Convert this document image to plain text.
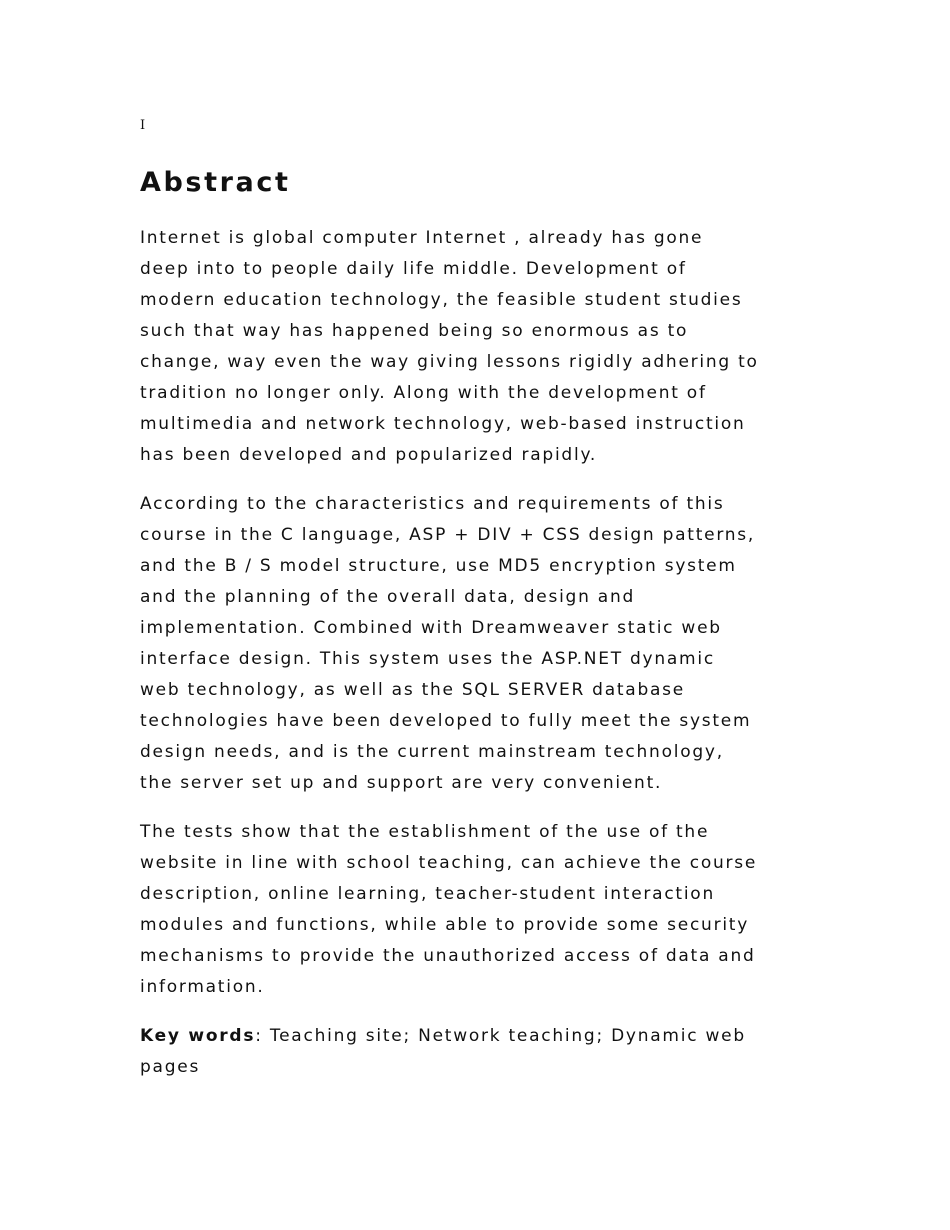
I
Abstract

Internet is global computer Internet , already has gone
deep into to people daily life middle. Development of
modern education technology, the feasible student studies
such that way has happened being so enormous as to
change, way even the way giving lessons rigidly adhering to
tradition no longer only. Along with the development of
multimedia and network technology, web-based instruction
has been developed and popularized rapidly.

According to the characteristics and requirements of this
course in the C language, ASP + DIV + CSS design patterns,
and the B / S model structure, use MD5 encryption system
and the planning of the overall data, design and
implementation. Combined with Dreamweaver static web
interface design. This system uses the ASP.NET dynamic
web technology, as well as the SQL SERVER database
technologies have been developed to fully meet the system
design needs, and is the current mainstream technology,
the server set up and support are very convenient.

The tests show that the establishment of the use of the
website in line with school teaching, can achieve the course
description, online learning, teacher-student interaction
modules and functions, while able to provide some security
mechanisms to provide the unauthorized access of data and
information.

Key words: Teaching site; Network teaching; Dynamic web
pages
